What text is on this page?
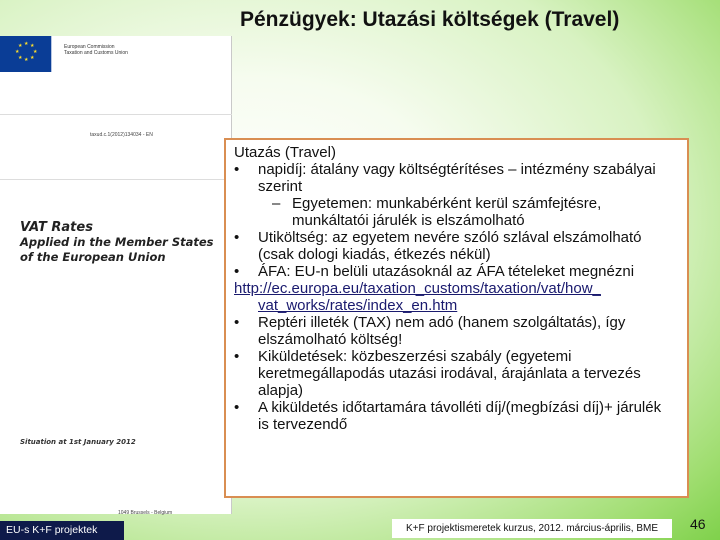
Pénzügyek: Utazási költségek (Travel)
★ ★
★
★
★
★
★
★	European Commission
Taxation and Customs Union
taxud.c.1(2012)134034 - EN
VAT Rates
Applied in the Member States
of the European Union
Situation at 1st January 2012
1049 Brussels - Belgium
Utazás (Travel)
• napidíj: átalány vagy költségtérítéses – intézmény szabályai szerint
– Egyetemen: munkabérként kerül számfejtésre, munkáltatói járulék is elszámolható
• Utiköltség: az egyetem nevére szóló szlával elszámolható (csak dologi kiadás, étkezés nékül)
• ÁFA: EU-n belüli utazásoknál az ÁFA tételeket megnézni
http://ec.europa.eu/taxation_customs/taxation/vat/how_
vat_works/rates/index_en.htm
• Reptéri illeték (TAX) nem adó (hanem szolgáltatás), így elszámolható költség!
• Kiküldetések: közbeszerzési szabály (egyetemi keretmegállapodás utazási irodával, árajánlata a tervezés alapja)
• A kiküldetés időtartamára távolléti díj/(megbízási díj)+ járulék is tervezendő
EU-s K+F projektek	K+F projektismeretek kurzus, 2012. március-április, BME	46
